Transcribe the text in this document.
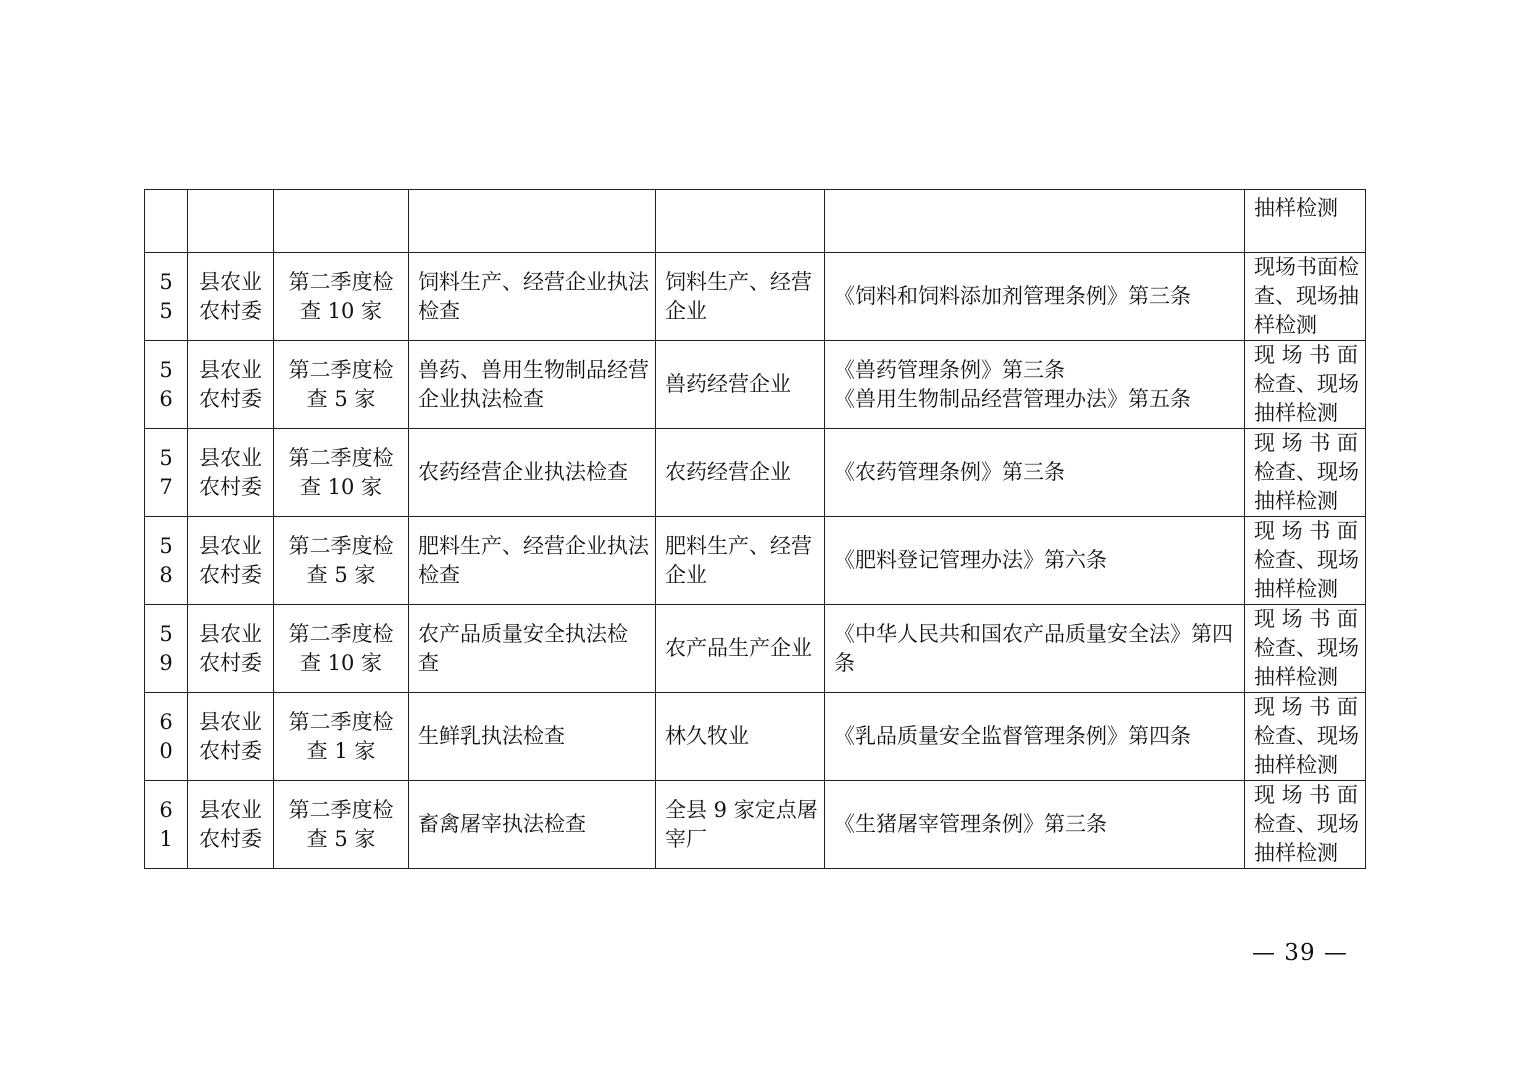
						抽样检测

55	县农业
农村委	第二季度检
查 10 家	饲料生产、经营企业执法
检查	饲料生产、经营
企业	《饲料和饲料添加剂管理条例》第三条	现场书面检
查、现场抽
样检测

56	县农业
农村委	第二季度检
查 5 家	兽药、兽用生物制品经营
企业执法检查	兽药经营企业	《兽药管理条例》第三条
《兽用生物制品经营管理办法》第五条	现 场 书 面
检查、现场
抽样检测

57	县农业
农村委	第二季度检
查 10 家	农药经营企业执法检查	农药经营企业	《农药管理条例》第三条	现 场 书 面
检查、现场
抽样检测

58	县农业
农村委	第二季度检
查 5 家	肥料生产、经营企业执法
检查	肥料生产、经营
企业	《肥料登记管理办法》第六条	现 场 书 面
检查、现场
抽样检测

59	县农业
农村委	第二季度检
查 10 家	农产品质量安全执法检
查	农产品生产企业	《中华人民共和国农产品质量安全法》第四
条	现 场 书 面
检查、现场
抽样检测

60	县农业
农村委	第二季度检
查 1 家	生鲜乳执法检查	林久牧业	《乳品质量安全监督管理条例》第四条	现 场 书 面
检查、现场
抽样检测

61	县农业
农村委	第二季度检
查 5 家	畜禽屠宰执法检查	全县 9 家定点屠
宰厂	《生猪屠宰管理条例》第三条	现 场 书 面
检查、现场
抽样检测
— 39 —
